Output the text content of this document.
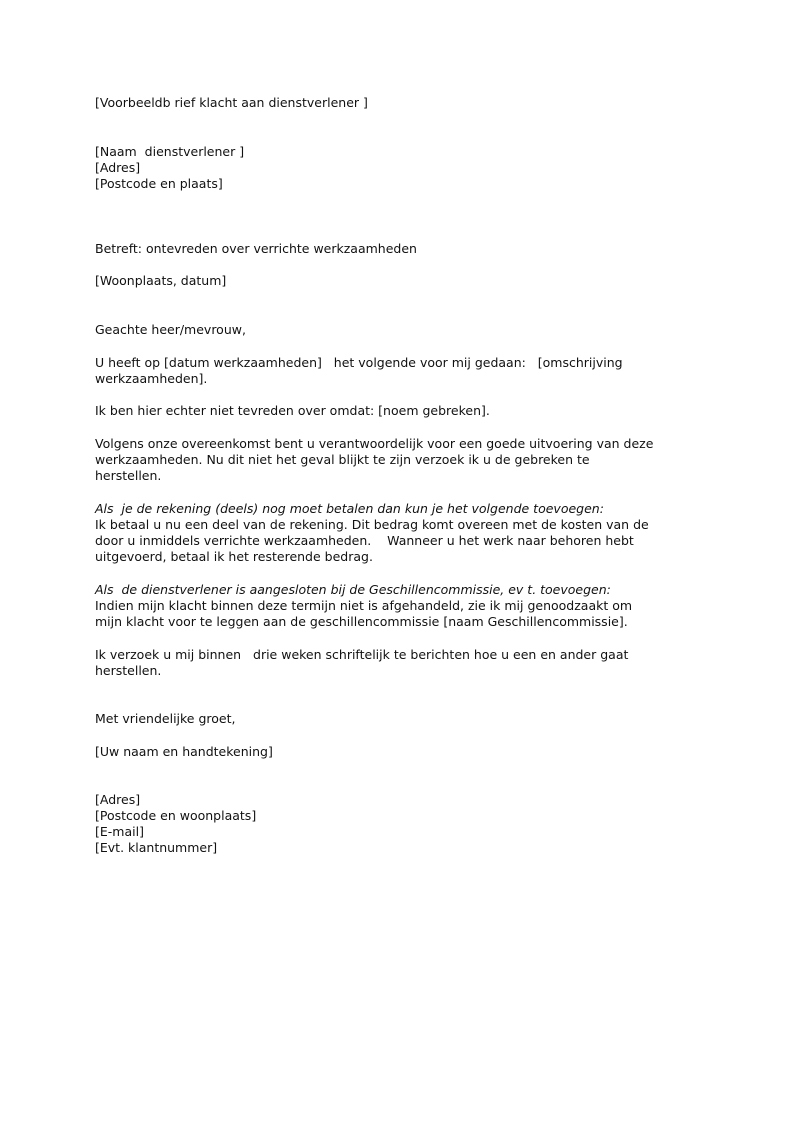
[Voorbeeldb rief klacht aan dienstverlener ]
[Naam  dienstverlener ]
[Adres]
[Postcode en plaats]
Betreft: ontevreden over verrichte werkzaamheden
[Woonplaats, datum]
Geachte heer/mevrouw,
U heeft op [datum werkzaamheden]   het volgende voor mij gedaan:   [omschrijving
werkzaamheden].
Ik ben hier echter niet tevreden over omdat: [noem gebreken].
Volgens onze overeenkomst bent u verantwoordelijk voor een goede uitvoering van deze
werkzaamheden. Nu dit niet het geval blijkt te zijn verzoek ik u de gebreken te
herstellen.
Als  je de rekening (deels) nog moet betalen dan kun je het volgende toevoegen:
Ik betaal u nu een deel van de rekening. Dit bedrag komt overeen met de kosten van de
door u inmiddels verrichte werkzaamheden.    Wanneer u het werk naar behoren hebt
uitgevoerd, betaal ik het resterende bedrag.
Als  de dienstverlener is aangesloten bij de Geschillencommissie, ev t. toevoegen:
Indien mijn klacht binnen deze termijn niet is afgehandeld, zie ik mij genoodzaakt om
mijn klacht voor te leggen aan de geschillencommissie [naam Geschillencommissie].
Ik verzoek u mij binnen   drie weken schriftelijk te berichten hoe u een en ander gaat
herstellen.
Met vriendelijke groet,
[Uw naam en handtekening]
[Adres]
[Postcode en woonplaats]
[E-mail]
[Evt. klantnummer]
